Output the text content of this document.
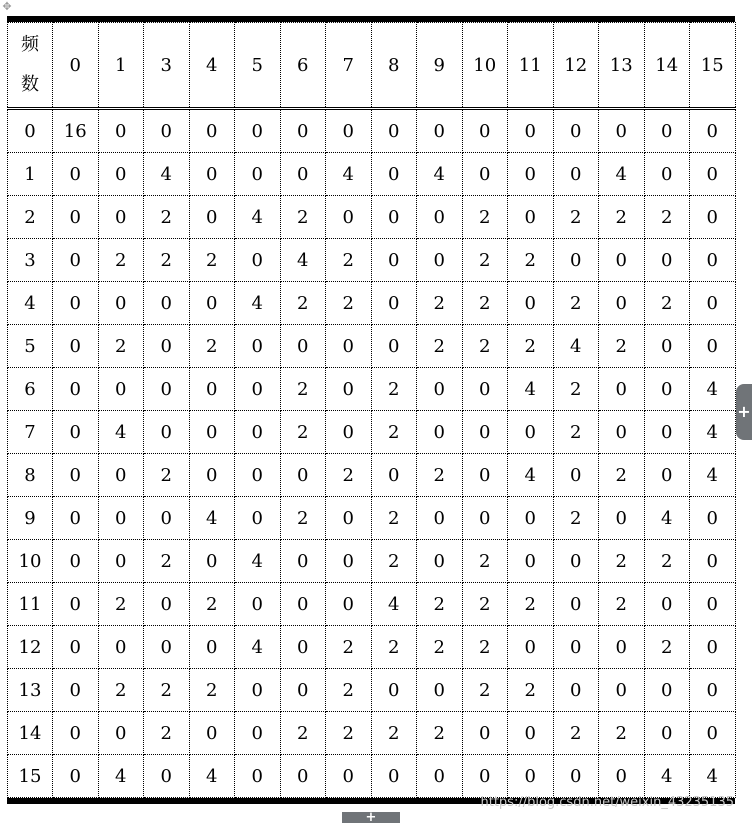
✥
频
数	0	1	3	4	5	6	7	8	9	10	11	12	13	14	15
0	16	0	0	0	0	0	0	0	0	0	0	0	0	0	0
1	0	0	4	0	0	0	4	0	4	0	0	0	4	0	0
2	0	0	2	0	4	2	0	0	0	2	0	2	2	2	0
3	0	2	2	2	0	4	2	0	0	2	2	0	0	0	0
4	0	0	0	0	4	2	2	0	2	2	0	2	0	2	0
5	0	2	0	2	0	0	0	0	2	2	2	4	2	0	0
6	0	0	0	0	0	2	0	2	0	0	4	2	0	0	4
7	0	4	0	0	0	2	0	2	0	0	0	2	0	0	4
8	0	0	2	0	0	0	2	0	2	0	4	0	2	0	4
9	0	0	0	4	0	2	0	2	0	0	0	2	0	4	0
10	0	0	2	0	4	0	0	2	0	2	0	0	2	2	0
11	0	2	0	2	0	0	0	4	2	2	2	0	2	0	0
12	0	0	0	0	4	0	2	2	2	2	0	0	0	2	0
13	0	2	2	2	0	0	2	0	0	2	2	0	0	0	0
14	0	0	2	0	0	2	2	2	2	0	0	2	2	0	0
15	0	4	0	4	0	0	0	0	0	0	0	0	0	4	4
+
+
https://blog.csdn.net/weixin_43235135
